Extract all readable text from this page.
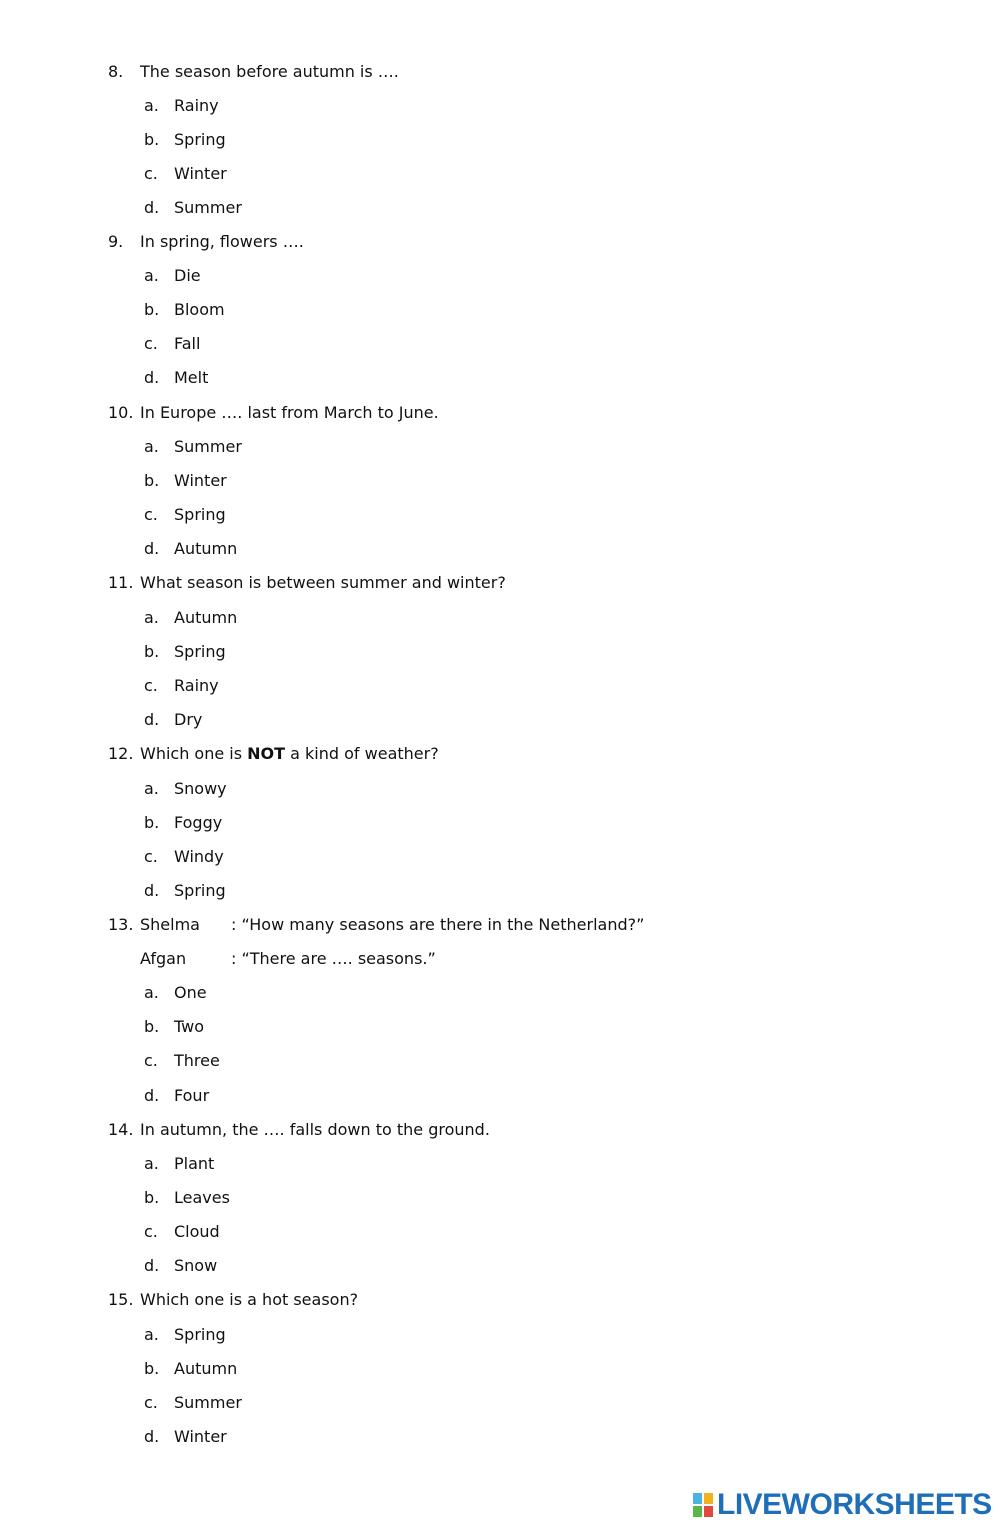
8.	The season before autumn is ….
a. Rainy
b. Spring
c.	Winter
d. Summer
9.	In spring, flowers ….
a. Die
b. Bloom
c.	Fall
d. Melt
10. In Europe …. last from March to June.
a. Summer
b. Winter
c.	Spring
d. Autumn
11. What season is between summer and winter?
a. Autumn
b. Spring
c.	Rainy
d. Dry
12. Which one is NOT a kind of weather?
a. Snowy
b. Foggy
c.	Windy
d. Spring
13. Shelma	: “How many seasons are there in the Netherland?”
Afgan	: “There are …. seasons.”
a. One
b. Two
c.	Three
d. Four
14. In autumn, the …. falls down to the ground.
a. Plant
b. Leaves
c.	Cloud
d. Snow
15. Which one is a hot season?
a. Spring
b. Autumn
c.	Summer
d. Winter
LIVEWORKSHEETS
